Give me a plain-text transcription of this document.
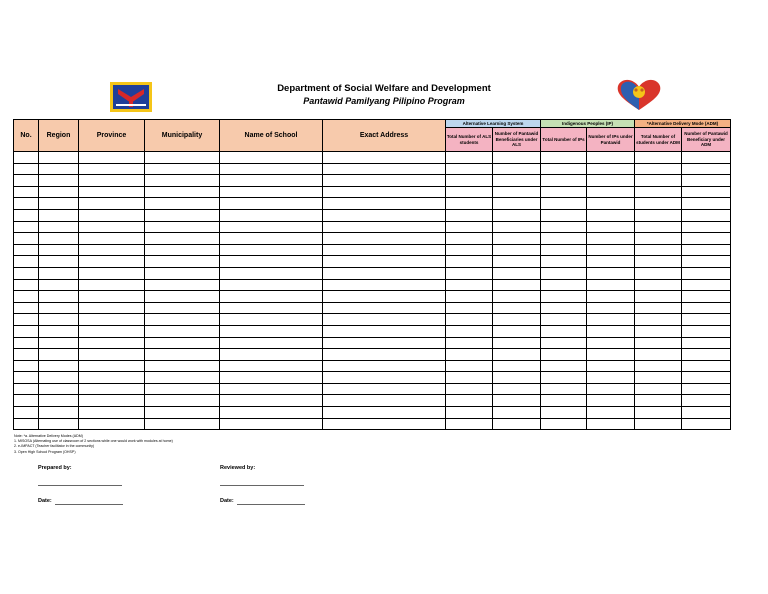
Department of Social Welfare and Development
Pantawid Pamilyang Pilipino Program
No.	Region	Province	Municipality	Name of School	Exact Address	Alternative Learning System		Indigenous Peoples (IP)		*Alternative Delivery Mode (ADM)	
						Total Number of ALS students	Number of Pantawid Beneficiaries under ALS	Total Number of IPs	Number of IPs under Pantawid	Total Number of students under ADM	Number of Pantawid Beneficiary under ADM

Note: *a. Alternative Delivery Modes (ADM)
1. MISOSA (Alternating use of classroom of 2 sections while one would work with modules at home)
2. e-IMPACT (Teacher facilitator in the community)
3. Open High School Program (OHSP)
Prepared by:
Date:
Reviewed by:
Date:
